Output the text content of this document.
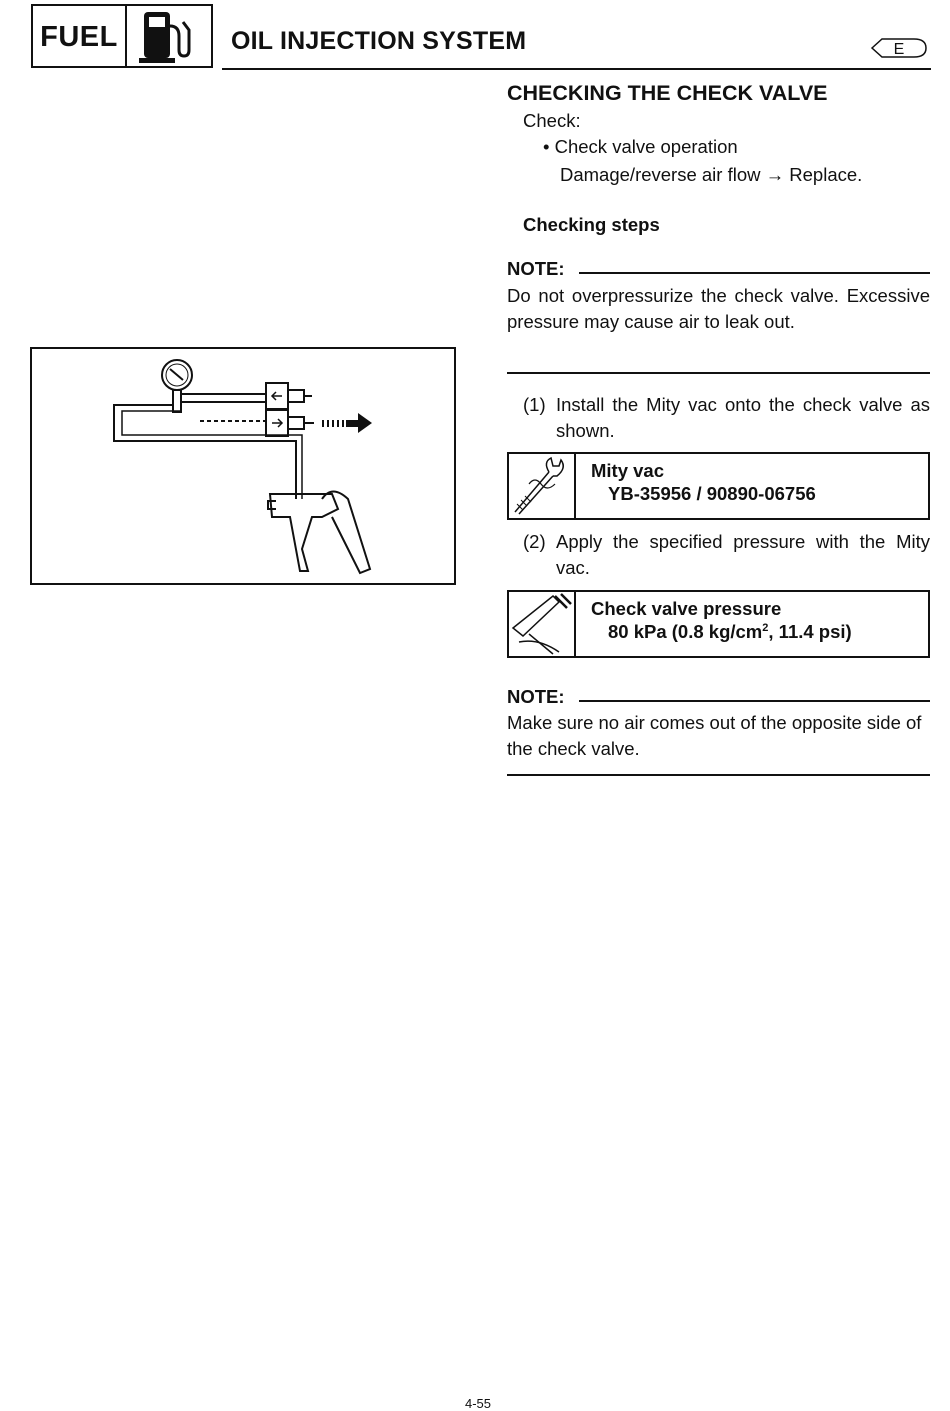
FUEL	OIL INJECTION SYSTEM	E
CHECKING THE CHECK VALVE
Check:
• Check valve operation
Damage/reverse air flow → Replace.
Checking steps
NOTE:
Do not overpressurize the check valve. Excessive pressure may cause air to leak out.
(1) Install the Mity vac onto the check valve as shown.
Mity vac
YB-35956 / 90890-06756
(2) Apply the specified pressure with the Mity vac.
Check valve pressure
80 kPa (0.8 $kg/cm^2$, 11.4 psi)
NOTE:
Make sure no air comes out of the opposite side of the check valve.
4-55
